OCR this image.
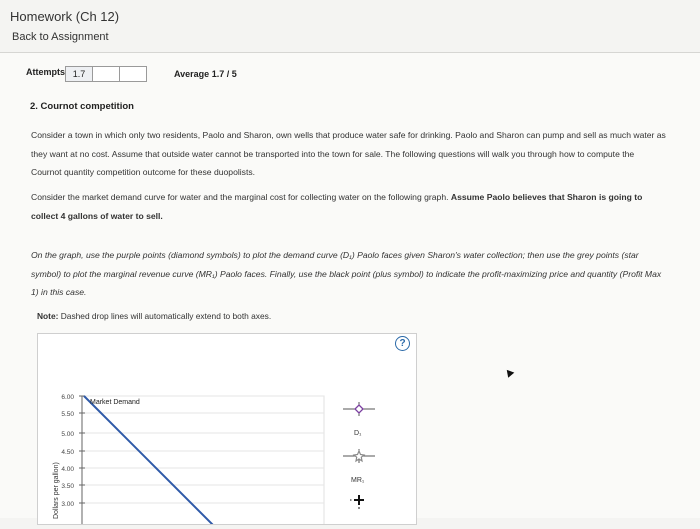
Homework (Ch 12)
Back to Assignment
Attempts 1.7	Average 1.7 / 5
2. Cournot competition
Consider a town in which only two residents, Paolo and Sharon, own wells that produce water safe for drinking. Paolo and Sharon can pump and sell as much water as they want at no cost. Assume that outside water cannot be transported into the town for sale. The following questions will walk you through how to compute the Cournot quantity competition outcome for these duopolists.
Consider the market demand curve for water and the marginal cost for collecting water on the following graph. Assume Paolo believes that Sharon is going to collect 4 gallons of water to sell.
On the graph, use the purple points (diamond symbols) to plot the demand curve (D₁) Paolo faces given Sharon's water collection; then use the grey points (star symbol) to plot the marginal revenue curve (MR₁) Paolo faces. Finally, use the black point (plus symbol) to indicate the profit-maximizing price and quantity (Profit Max 1) in this case.
Note: Dashed drop lines will automatically extend to both axes.
Dollars per gallon)
6.00
5.50
5.00
4.50
4.00
3.50
3.00
Market Demand
D₁
MR₁
?
